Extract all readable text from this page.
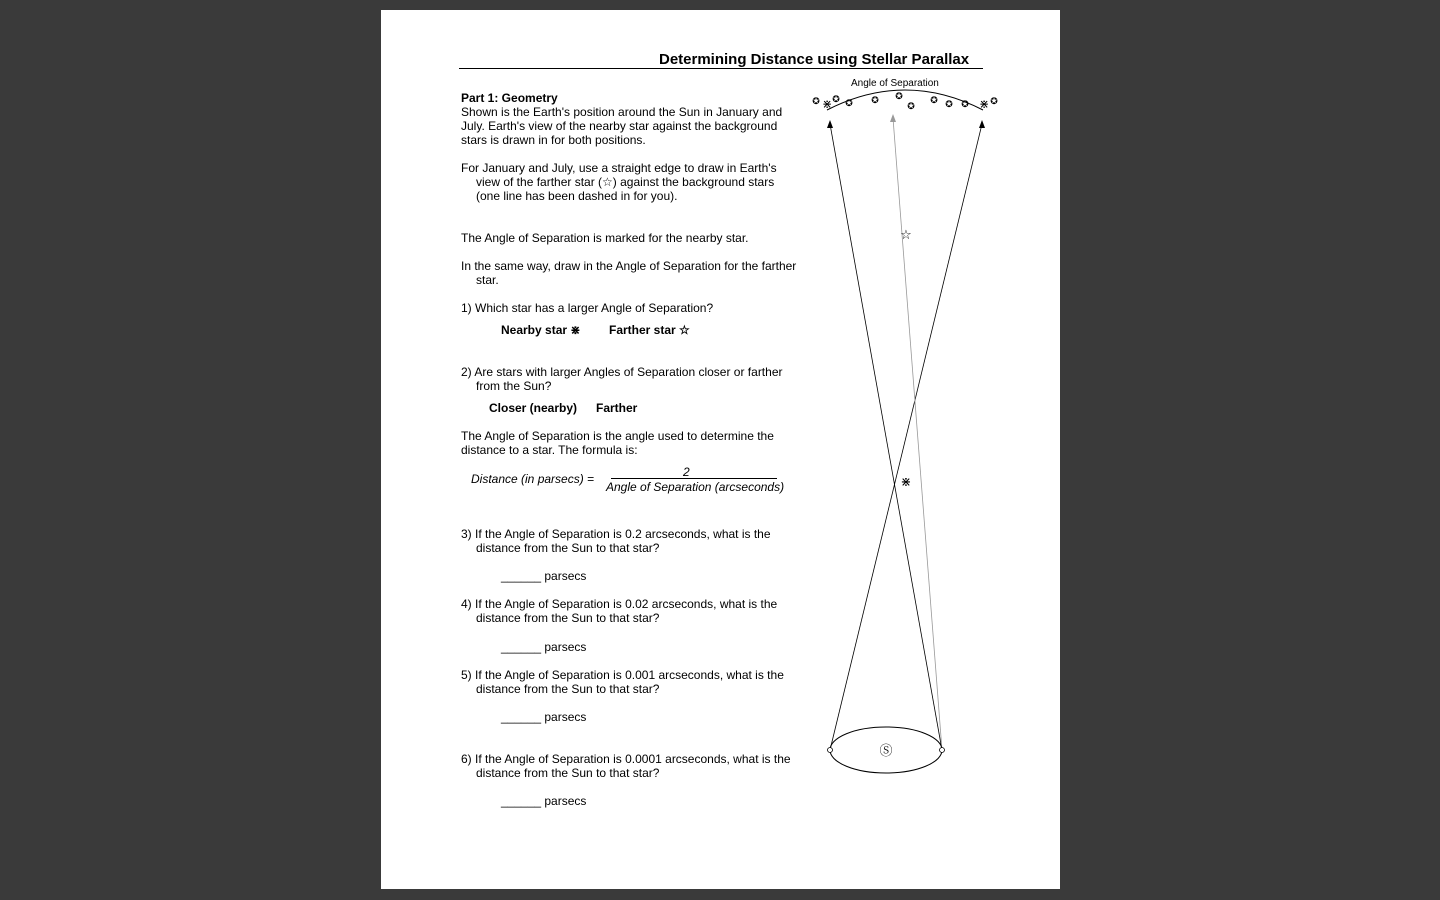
Determining Distance using Stellar Parallax
Part 1: Geometry
Shown is the Earth's position around the Sun in January and
July. Earth's view of the nearby star against the background
stars is drawn in for both positions.
For January and July, use a straight edge to draw in Earth's
view of the farther star (☆) against the background stars
(one line has been dashed in for you).
The Angle of Separation is marked for the nearby star.
In the same way, draw in the Angle of Separation for the farther
star.
1) Which star has a larger Angle of Separation?
Nearby star ⋇ Farther star ☆
2) Are stars with larger Angles of Separation closer or farther
from the Sun?
Closer (nearby) Farther
The Angle of Separation is the angle used to determine the
distance to a star. The formula is:
Distance (in parsecs) =	2
Angle of Separation (arcseconds)
3) If the Angle of Separation is 0.2 arcseconds, what is the
distance from the Sun to that star?
______ parsecs
4) If the Angle of Separation is 0.02 arcseconds, what is the
distance from the Sun to that star?
______ parsecs
5) If the Angle of Separation is 0.001 arcseconds, what is the
distance from the Sun to that star?
______ parsecs
6) If the Angle of Separation is 0.0001 arcseconds, what is the
distance from the Sun to that star?
______ parsecs
Angle of Separation
✪ ✪ ✪ ✪ ✪
✪
✪ ✪ ✪ ✪
⋇	⋇
☆
⋇
Ⓢ
